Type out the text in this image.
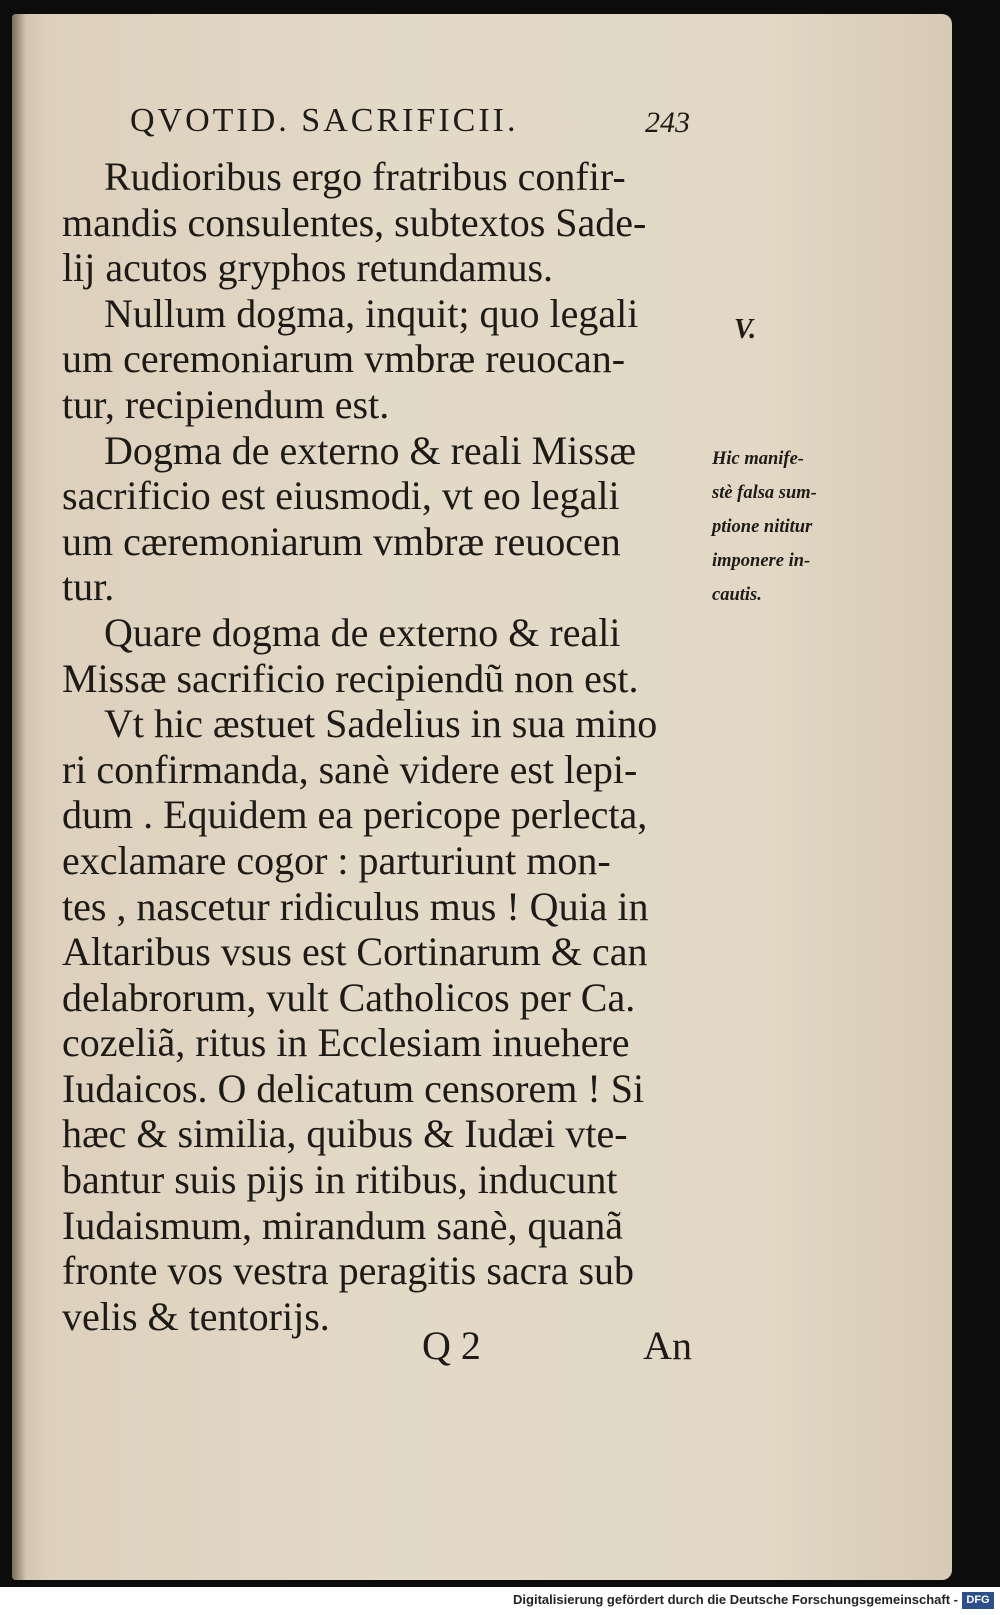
QVOTID. SACRIFICII.	243
Rudioribus ergo fratribus confir-
mandis consulentes, subtextos Sade-
lij acutos gryphos retundamus.
Nullum dogma, inquit; quo legali
um ceremoniarum vmbræ reuocan-
tur, recipiendum est.
Dogma de externo & reali Missæ
sacrificio est eiusmodi, vt eo legali
um cæremoniarum vmbræ reuocen
tur.
Quare dogma de externo & reali
Missæ sacrificio recipiendũ non est.
Vt hic æstuet Sadelius in sua mino
ri confirmanda, sanè videre est lepi-
dum . Equidem ea pericope perlecta,
exclamare cogor : parturiunt mon-
tes , nascetur ridiculus mus ! Quia in
Altaribus vsus est Cortinarum & can
delabrorum, vult Catholicos per Ca.
cozeliã, ritus in Ecclesiam inuehere
Iudaicos. O delicatum censorem ! Si
hæc & similia, quibus & Iudæi vte-
bantur suis pijs in ritibus, inducunt
Iudaismum, mirandum sanè, quanã
fronte vos vestra peragitis sacra sub
velis & tentorijs.
V.
Hic manife-
stè falsa sum-
ptione nititur
imponere in-
cautis.
Q 2	An
Digitalisierung gefördert durch die Deutsche Forschungsgemeinschaft - DFG
